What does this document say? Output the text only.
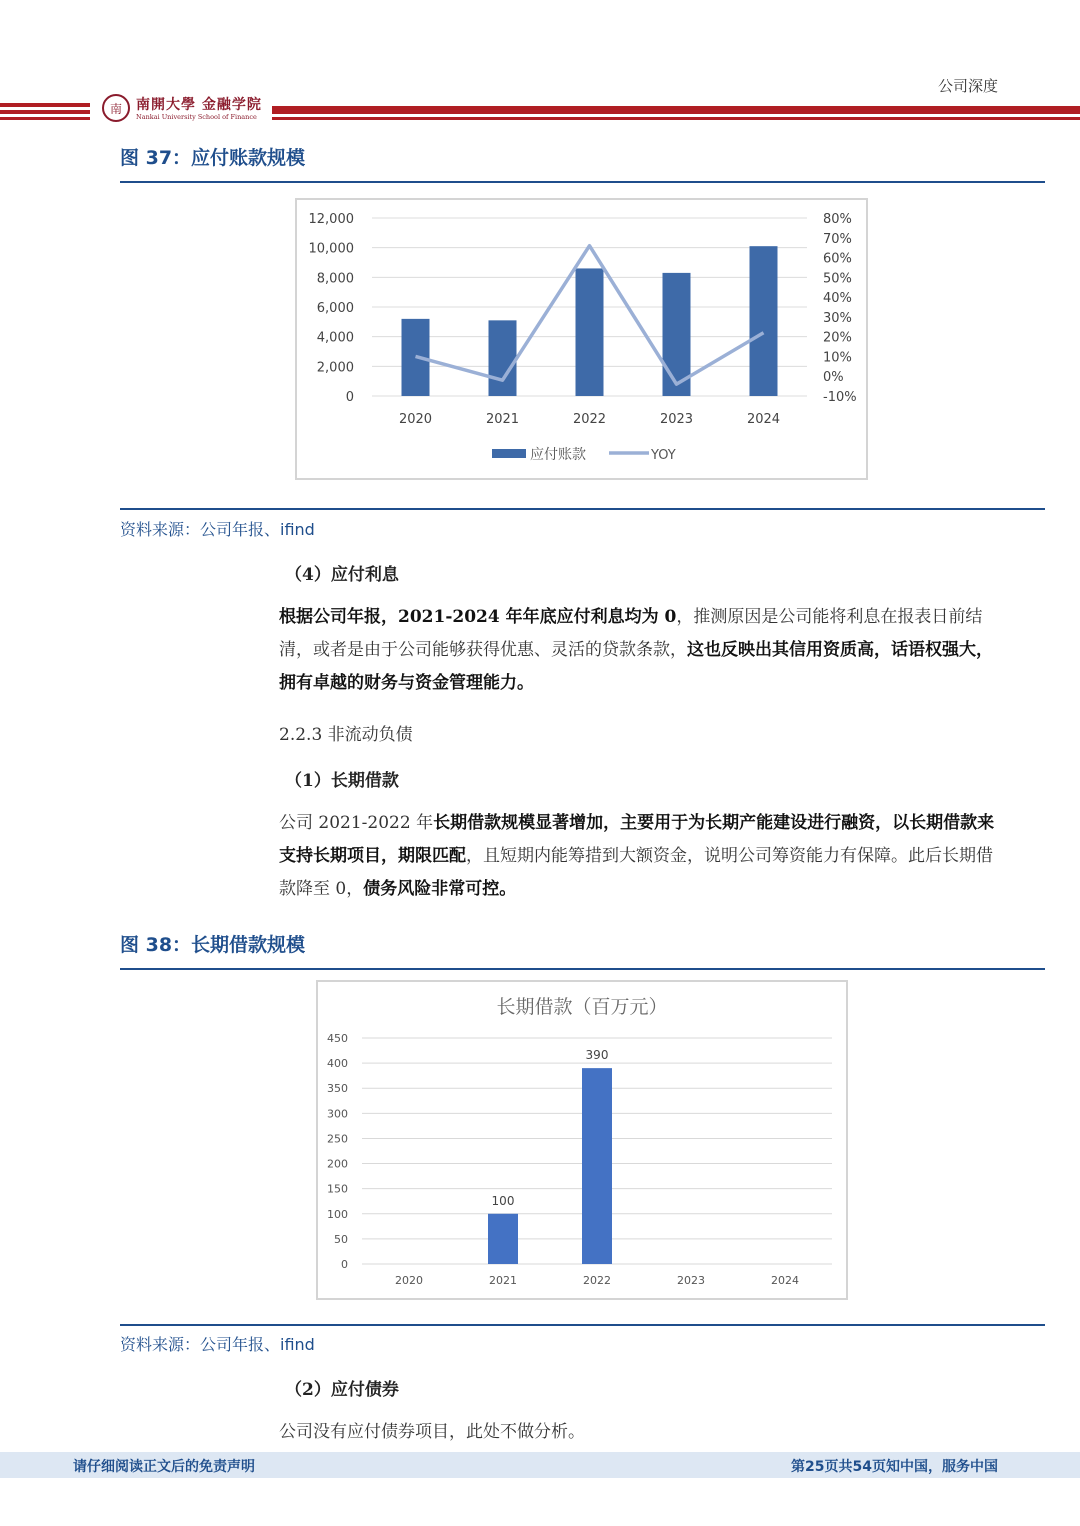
公司深度
南	南開大學 金融学院
Nankai University School of Finance
图 37：应付账款规模
0
2,000
4,000
6,000
8,000
10,000
12,000	80%
70%
60%
50%
40%
30%
20%
10%
0%
-10%
2020	2021	2022	2023	2024
应付账款	YOY
资料来源：公司年报、ifind
（4）应付利息
根据公司年报，2021-2024 年年底应付利息均为 0，推测原因是公司能将利息在报表日前结清，或者是由于公司能够获得优惠、灵活的贷款条款，这也反映出其信用资质高，话语权强大，拥有卓越的财务与资金管理能力。
2.2.3 非流动负债
（1）长期借款
公司 2021-2022 年长期借款规模显著增加，主要用于为长期产能建设进行融资，以长期借款来支持长期项目，期限匹配，且短期内能筹措到大额资金，说明公司筹资能力有保障。此后长期借款降至 0，债务风险非常可控。
图 38：长期借款规模
长期借款（百万元）
0
50
100
150
200
250
300
350
400
450
2020
100
2021
390
2022	2023	2024
资料来源：公司年报、ifind
（2）应付债券
公司没有应付债券项目，此处不做分析。
请仔细阅读正文后的免责声明	第25页共54页知中国，服务中国
